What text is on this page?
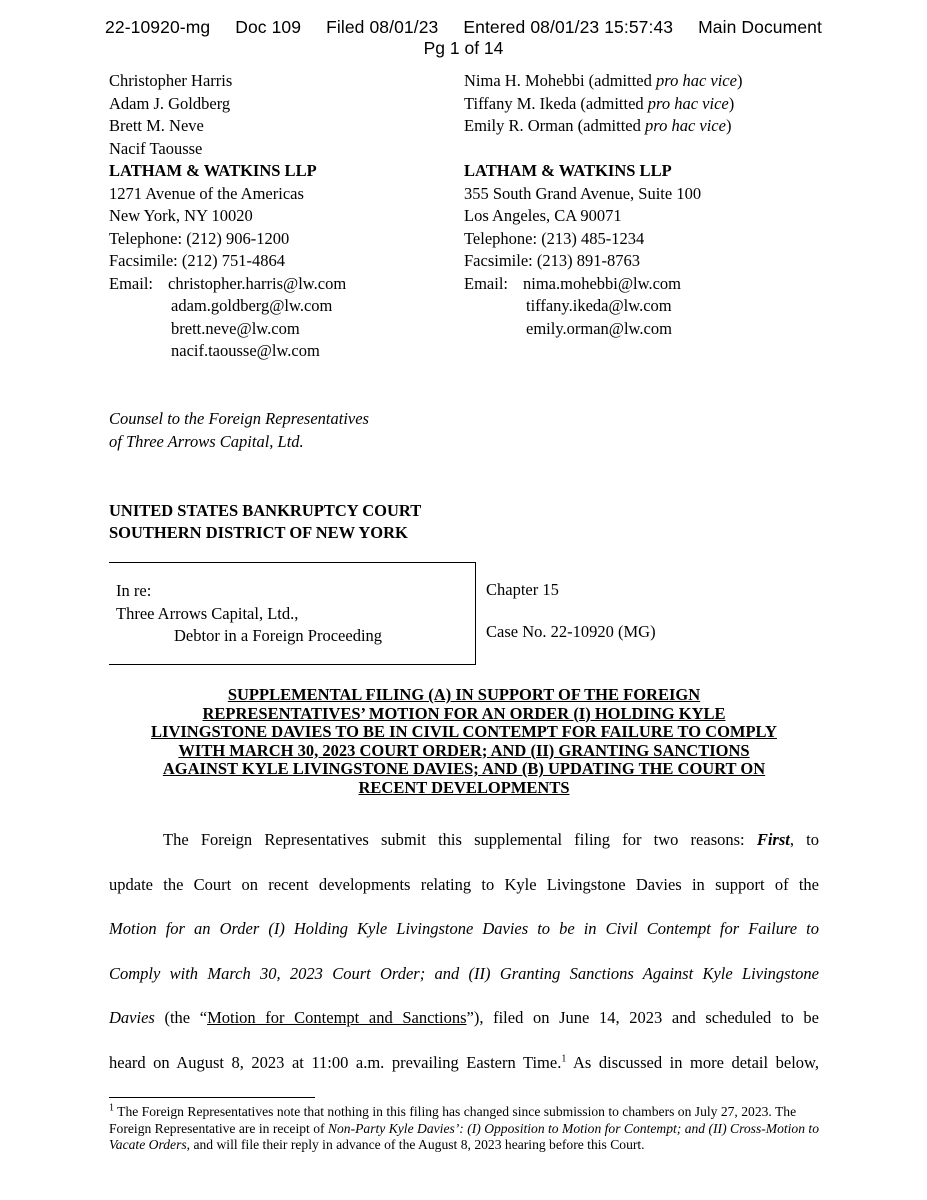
22-10920-mg Doc 109 Filed 08/01/23 Entered 08/01/23 15:57:43 Main Document
Pg 1 of 14
Christopher Harris
Adam J. Goldberg
Brett M. Neve
Nacif Taousse
LATHAM & WATKINS LLP
1271 Avenue of the Americas
New York, NY 10020
Telephone: (212) 906-1200
Facsimile: (212) 751-4864
Email: christopher.harris@lw.com
adam.goldberg@lw.com
brett.neve@lw.com
nacif.taousse@lw.com
Nima H. Mohebbi (admitted pro hac vice)
Tiffany M. Ikeda (admitted pro hac vice)
Emily R. Orman (admitted pro hac vice)
LATHAM & WATKINS LLP
355 South Grand Avenue, Suite 100
Los Angeles, CA 90071
Telephone: (213) 485-1234
Facsimile: (213) 891-8763
Email: nima.mohebbi@lw.com
tiffany.ikeda@lw.com
emily.orman@lw.com
Counsel to the Foreign Representatives
of Three Arrows Capital, Ltd.
UNITED STATES BANKRUPTCY COURT
SOUTHERN DISTRICT OF NEW YORK
In re:
Three Arrows Capital, Ltd.,
Debtor in a Foreign Proceeding
Chapter 15
Case No. 22-10920 (MG)
SUPPLEMENTAL FILING (A) IN SUPPORT OF THE FOREIGN
REPRESENTATIVES’ MOTION FOR AN ORDER (I) HOLDING KYLE
LIVINGSTONE DAVIES TO BE IN CIVIL CONTEMPT FOR FAILURE TO COMPLY
WITH MARCH 30, 2023 COURT ORDER; AND (II) GRANTING SANCTIONS
AGAINST KYLE LIVINGSTONE DAVIES; AND (B) UPDATING THE COURT ON
RECENT DEVELOPMENTS
The Foreign Representatives submit this supplemental filing for two reasons: First, to
update the Court on recent developments relating to Kyle Livingstone Davies in support of the
Motion for an Order (I) Holding Kyle Livingstone Davies to be in Civil Contempt for Failure to
Comply with March 30, 2023 Court Order; and (II) Granting Sanctions Against Kyle Livingstone
Davies (the “Motion for Contempt and Sanctions”), filed on June 14, 2023 and scheduled to be
heard on August 8, 2023 at 11:00 a.m. prevailing Eastern Time.$^1$ As discussed in more detail below,
$^1$ The Foreign Representatives note that nothing in this filing has changed since submission to chambers on July 27, 2023. The Foreign Representative are in receipt of Non-Party Kyle Davies’: (I) Opposition to Motion for Contempt; and (II) Cross-Motion to Vacate Orders, and will file their reply in advance of the August 8, 2023 hearing before this Court.
